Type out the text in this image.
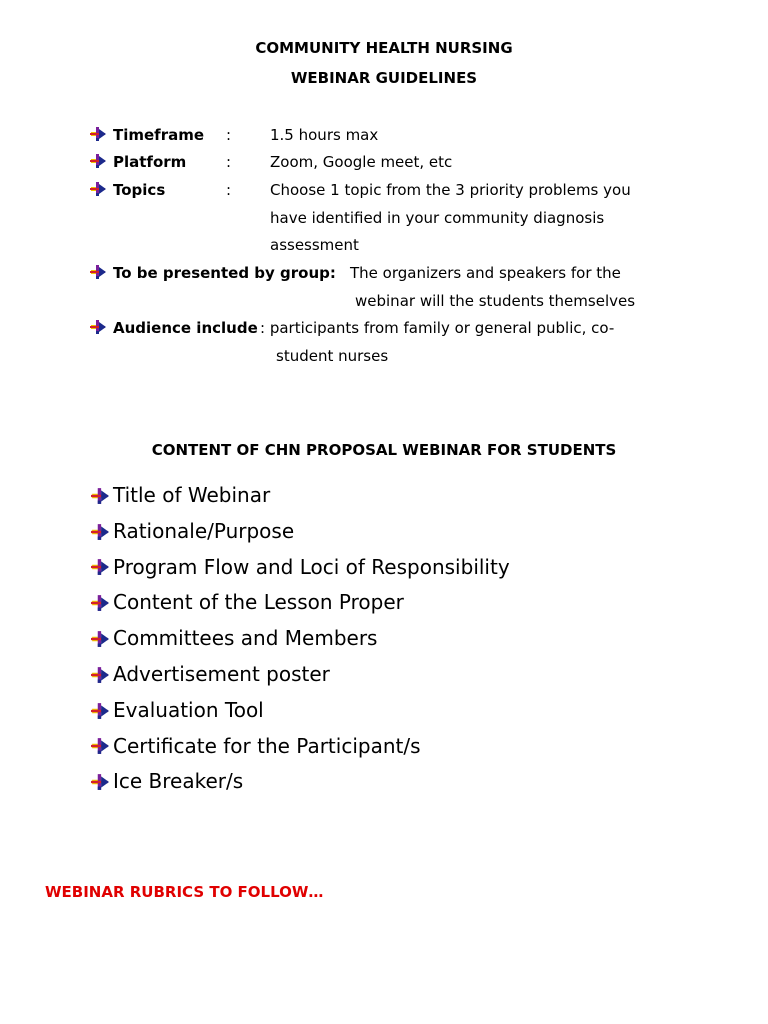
COMMUNITY HEALTH NURSING
WEBINAR GUIDELINES
Timeframe :	1.5 hours max
Platform	:	Zoom, Google meet, etc
Topics	:	Choose 1 topic from the 3 priority problems you
have identified in your community diagnosis
assessment
To be presented by group: The organizers and speakers for the
webinar will the students themselves
Audience include : participants from family or general public, co-
student nurses
CONTENT OF CHN PROPOSAL WEBINAR FOR STUDENTS
Title of Webinar
Rationale/Purpose
Program Flow and Loci of Responsibility
Content of the Lesson Proper
Committees and Members
Advertisement poster
Evaluation Tool
Certificate for the Participant/s
Ice Breaker/s
WEBINAR RUBRICS TO FOLLOW…
